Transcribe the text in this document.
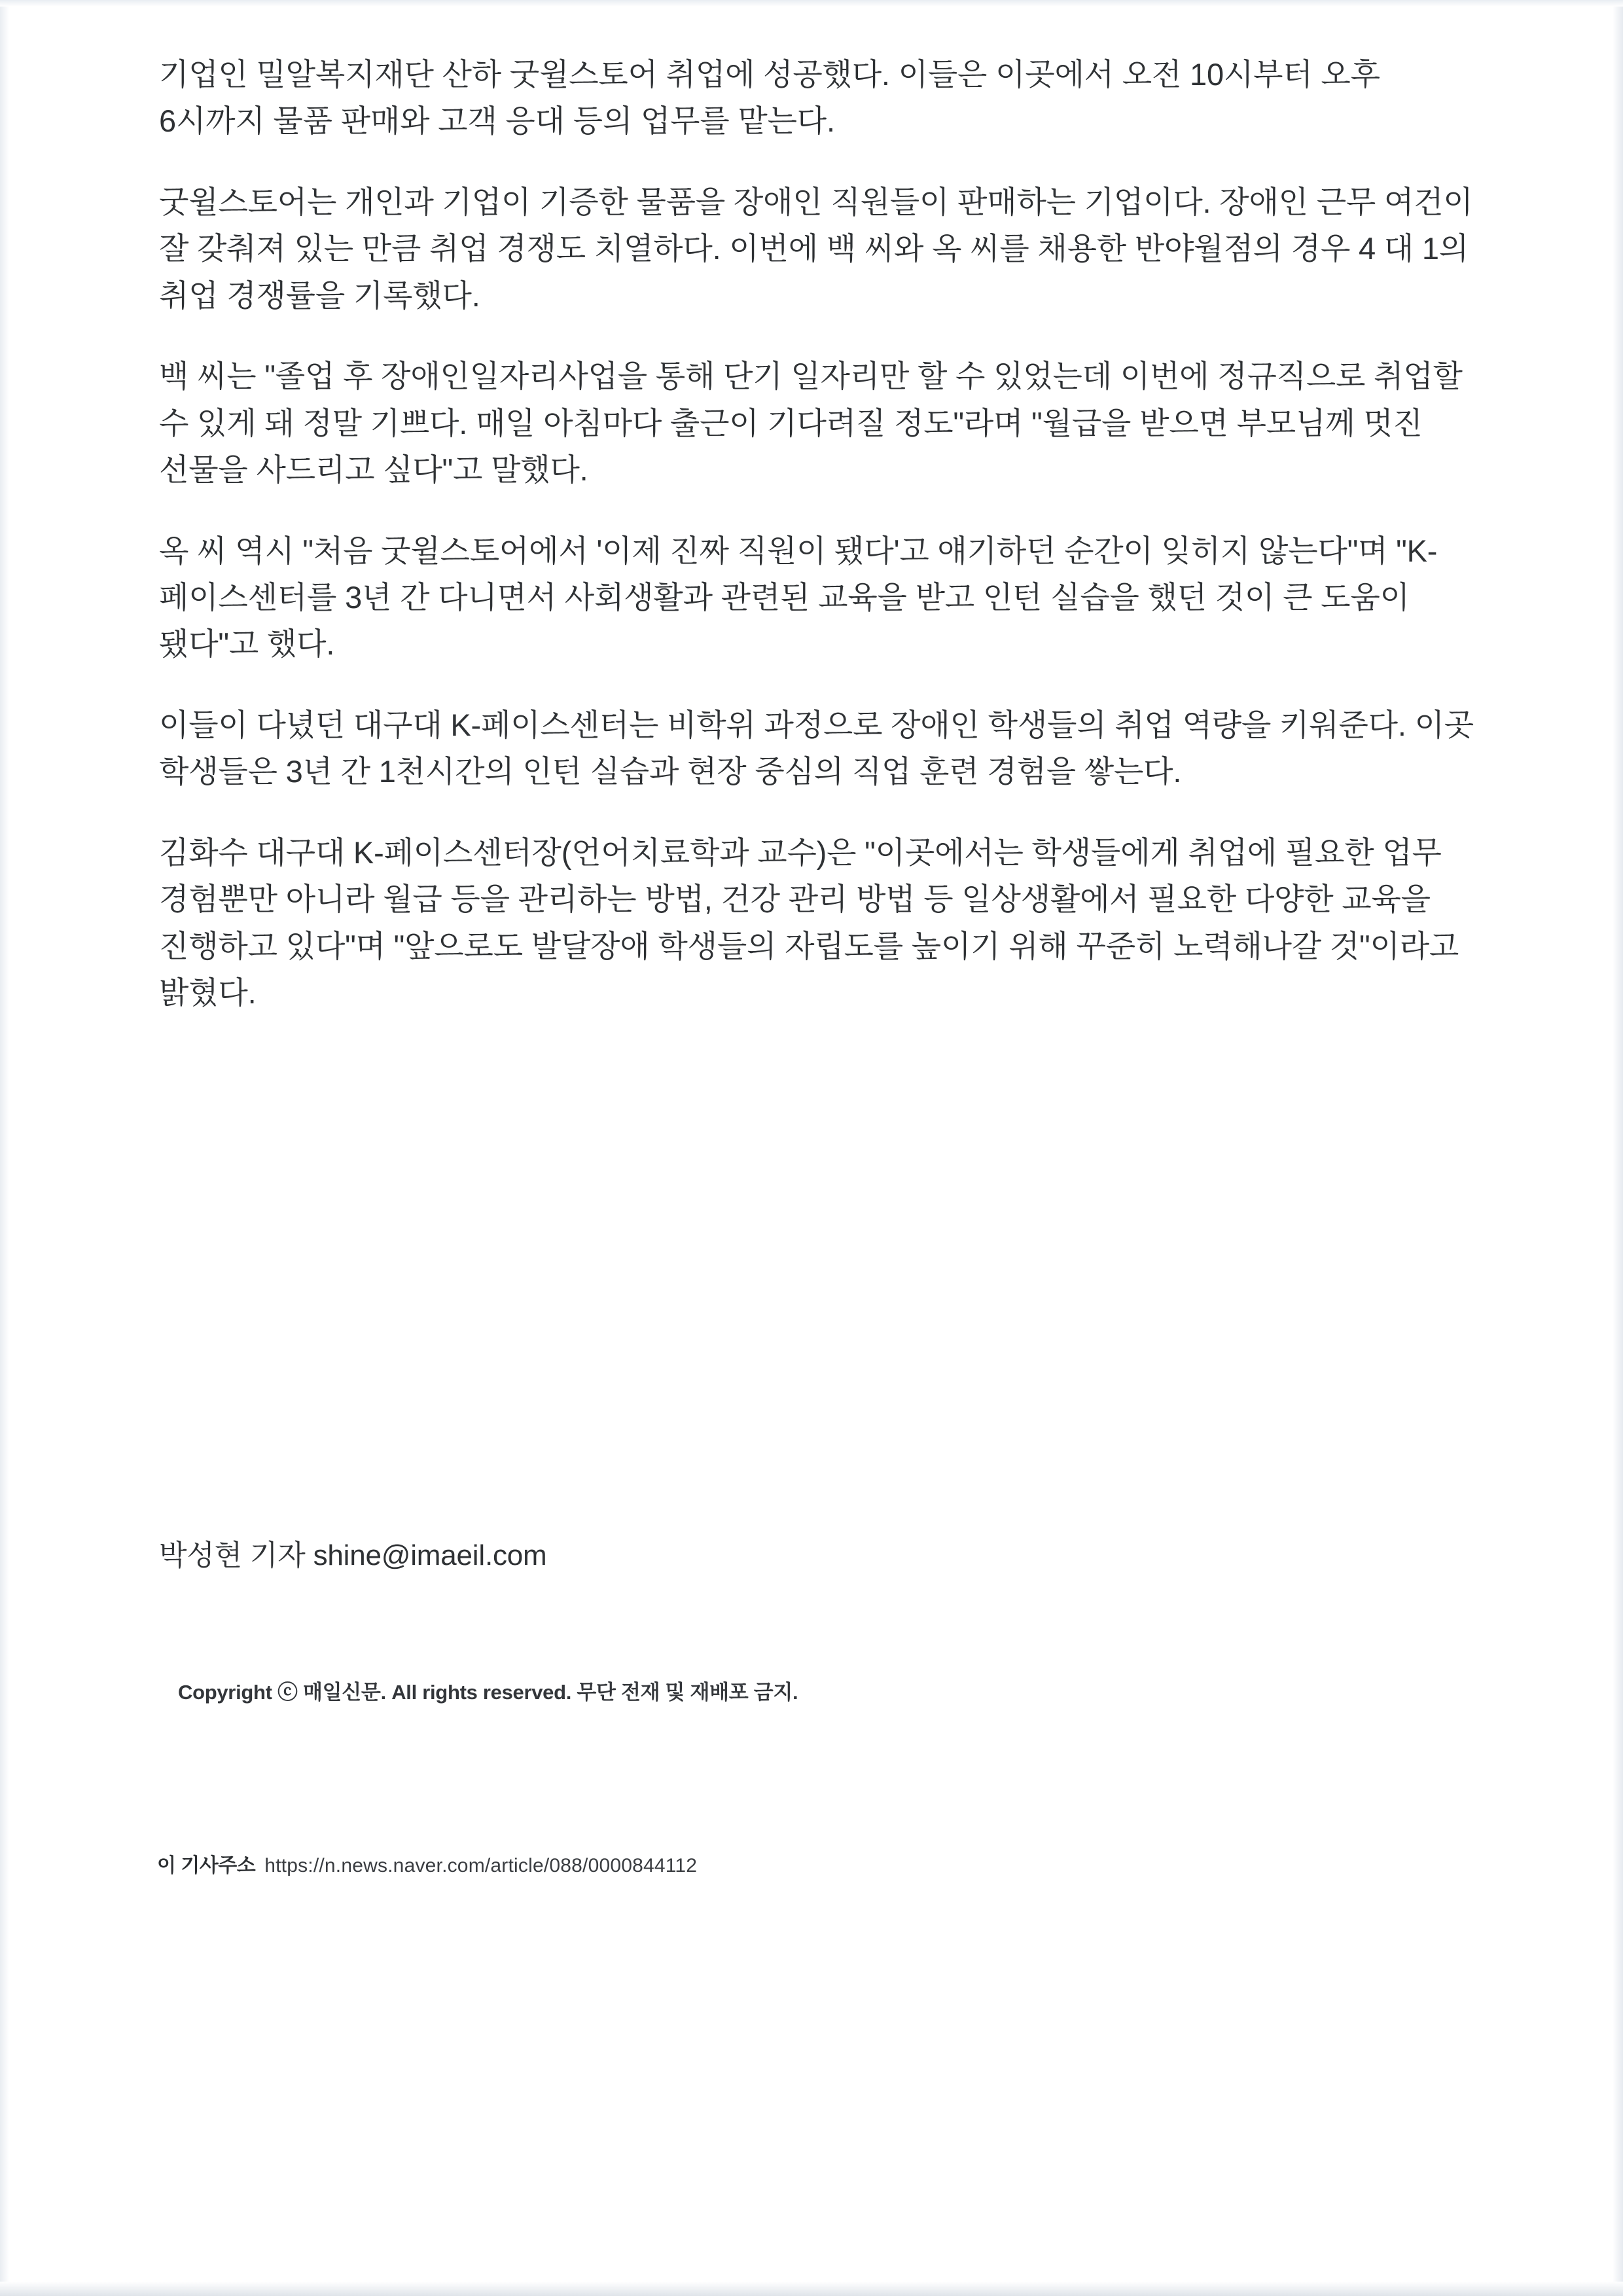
기업인 밀알복지재단 산하 굿윌스토어 취업에 성공했다. 이들은 이곳에서 오전 10시부터 오후 6시까지 물품 판매와 고객 응대 등의 업무를 맡는다.

굿윌스토어는 개인과 기업이 기증한 물품을 장애인 직원들이 판매하는 기업이다. 장애인 근무 여건이 잘 갖춰져 있는 만큼 취업 경쟁도 치열하다. 이번에 백 씨와 옥 씨를 채용한 반야월점의 경우 4 대 1의 취업 경쟁률을 기록했다.

백 씨는 "졸업 후 장애인일자리사업을 통해 단기 일자리만 할 수 있었는데 이번에 정규직으로 취업할 수 있게 돼 정말 기쁘다. 매일 아침마다 출근이 기다려질 정도"라며 "월급을 받으면 부모님께 멋진 선물을 사드리고 싶다"고 말했다.

옥 씨 역시 "처음 굿윌스토어에서 '이제 진짜 직원이 됐다'고 얘기하던 순간이 잊히지 않는다"며 "K-페이스센터를 3년 간 다니면서 사회생활과 관련된 교육을 받고 인턴 실습을 했던 것이 큰 도움이 됐다"고 했다.

이들이 다녔던 대구대 K-페이스센터는 비학위 과정으로 장애인 학생들의 취업 역량을 키워준다. 이곳 학생들은 3년 간 1천시간의 인턴 실습과 현장 중심의 직업 훈련 경험을 쌓는다.

김화수 대구대 K-페이스센터장(언어치료학과 교수)은 "이곳에서는 학생들에게 취업에 필요한 업무 경험뿐만 아니라 월급 등을 관리하는 방법, 건강 관리 방법 등 일상생활에서 필요한 다양한 교육을 진행하고 있다"며 "앞으로도 발달장애 학생들의 자립도를 높이기 위해 꾸준히 노력해나갈 것"이라고 밝혔다.

박성현 기자 shine@imaeil.com
Copyright ⓒ 매일신문. All rights reserved. 무단 전재 및 재배포 금지.
이 기사주소 https://n.news.naver.com/article/088/0000844112
